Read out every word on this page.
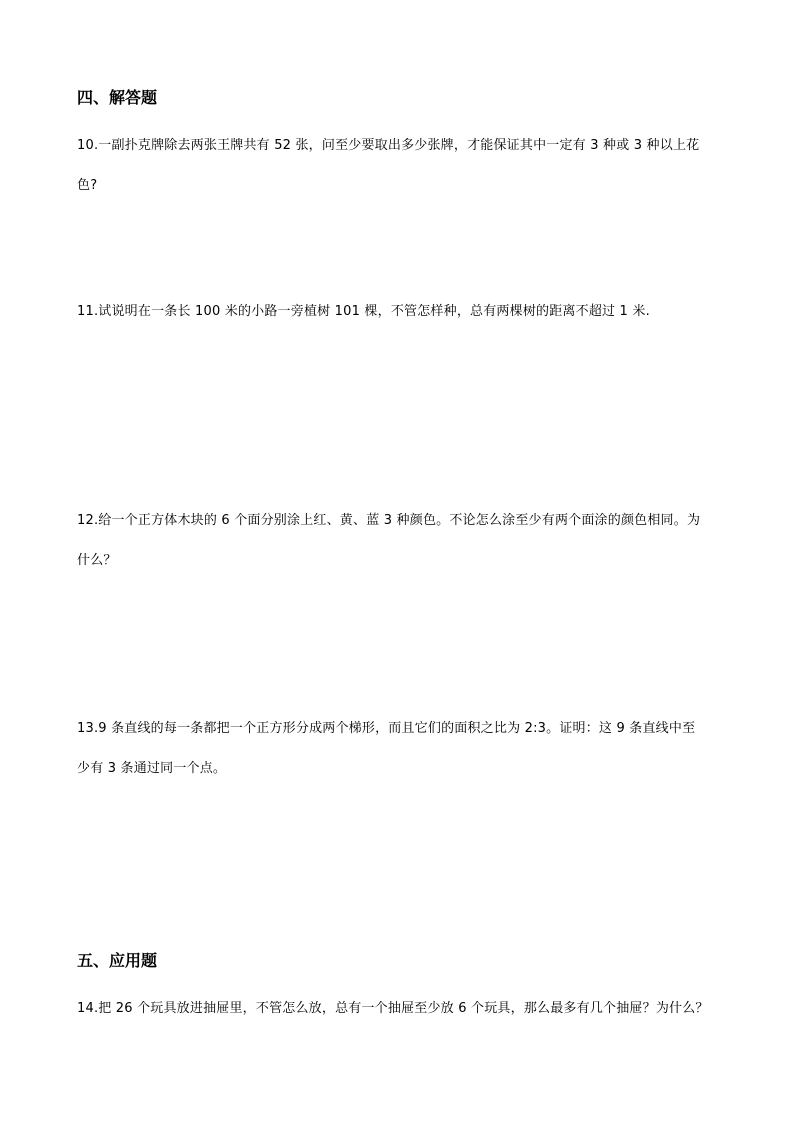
四、解答题
10.一副扑克牌除去两张王牌共有 52 张，问至少要取出多少张牌，才能保证其中一定有 3 种或 3 种以上花
色?
11.试说明在一条长 100 米的小路一旁植树 101 棵，不管怎样种，总有两棵树的距离不超过 1 米.
12.给一个正方体木块的 6 个面分别涂上红、黄、蓝 3 种颜色。不论怎么涂至少有两个面涂的颜色相同。为
什么？
13.9 条直线的每一条都把一个正方形分成两个梯形，而且它们的面积之比为 2:3。证明：这 9 条直线中至
少有 3 条通过同一个点。
五、应用题
14.把 26 个玩具放进抽屉里，不管怎么放，总有一个抽屉至少放 6 个玩具，那么最多有几个抽屉？为什么？
